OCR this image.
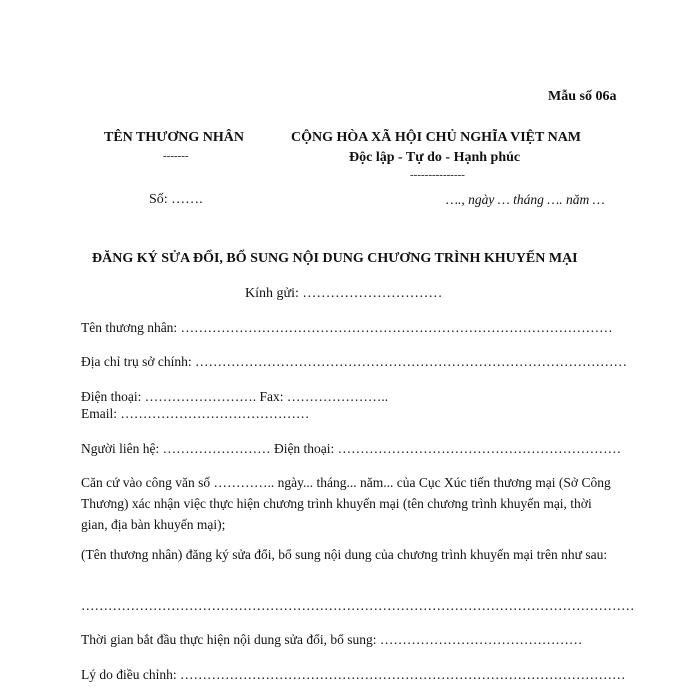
Mẫu số 06a
TÊN THƯƠNG NHÂN
-------
Số: …….
CỘNG HÒA XÃ HỘI CHỦ NGHĨA VIỆT NAM
Độc lập - Tự do - Hạnh phúc
---------------
…., ngày … tháng …. năm …
ĐĂNG KÝ SỬA ĐỔI, BỔ SUNG NỘI DUNG CHƯƠNG TRÌNH KHUYẾN MẠI
Kính gửi: …………………………
Tên thương nhân: ……………………………………………………………………………………
Địa chỉ trụ sở chính: ……………………………………………………………………………………
Điện thoại: ……………………. Fax: …………………..
Email: ……………………………………
Người liên hệ: …………………… Điện thoại: ………………………………………………………
Căn cứ vào công văn số ………….. ngày... tháng... năm... của Cục Xúc tiến thương mại (Sở Công Thương) xác nhận việc thực hiện chương trình khuyến mại (tên chương trình khuyến mại, thời gian, địa bàn khuyến mại);
(Tên thương nhân) đăng ký sửa đổi, bổ sung nội dung của chương trình khuyến mại trên như sau:
……………………………………………………………………………………………………………
Thời gian bắt đầu thực hiện nội dung sửa đổi, bổ sung: ………………………………………
Lý do điều chỉnh: ………………………………………………………………………………………
